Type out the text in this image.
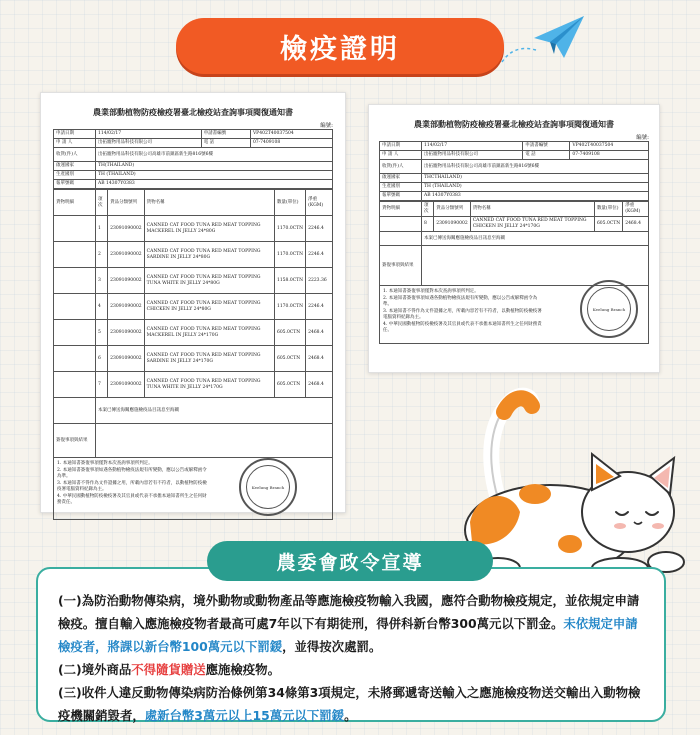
檢疫證明
農業部動植物防疫檢疫署臺北檢疫站查詢事項閱復通知書
編號:
申請日期	114/02/17	申請書編號	VP402T40037504
申 請 人	出拓寵物用品科技有限公司	電 話	07-7409108
收貨(件)人	出拓寵物用品科技有限公司高雄市前鎮區新生路816號6樓		
啟運國家	TH(THAILAND)		
生產國別	TH (THAILAND)		
報單號碼	AB 14307Y0383		
貨物明細	項次	貨品分類號列	貨物名稱	數量(單位)	淨重(KGM)
	1	23091090002	CANNED CAT FOOD TUNA RED MEAT TOPPING MACKEREL IN JELLY 24*80G	1170.0CTN	2246.4
	2	23091090002	CANNED CAT FOOD TUNA RED MEAT TOPPING SARDINE IN JELLY 24*80G	1170.0CTN	2246.4
	3	23091090002	CANNED CAT FOOD TUNA RED MEAT TOPPING TUNA WHITE IN JELLY 24*80G	1158.0CTN	2223.36
	4	23091090002	CANNED CAT FOOD TUNA RED MEAT TOPPING CHICKEN IN JELLY 24*80G	1170.0CTN	2246.4
	5	23091090002	CANNED CAT FOOD TUNA RED MEAT TOPPING MACKEREL IN JELLY 24*170G	605.0CTN	2468.4
	6	23091090002	CANNED CAT FOOD TUNA RED MEAT TOPPING SARDINE IN JELLY 24*170G	605.0CTN	2468.4
	7	23091090002	CANNED CAT FOOD TUNA RED MEAT TOPPING TUNA WHITE IN JELLY 24*170G	605.0CTN	2468.4
	本案已傳送海關應施檢疫品目訊息至海關				
簽復事項與結果					
1. 本通知書簽復事項僅對本次查詢事項所判定。
2. 本通知書簽復事項如遇各動植物檢疫法規有所變動，應以公告或解釋函令為準。
3. 本通知書不得作為文件證據之用，所載內容若有不符者，以動植物防疫檢疫署電腦資料紀錄為主。
4. 中華民國動植物防疫檢疫署及其官員或代表不承擔本通知書所生之任何財務責任。
Keelung Branch
農業部動植物防疫檢疫署臺北檢疫站查詢事項閱復通知書
編號:
申請日期	114/02/17	申請書編號	VP402T40037504
申 請 人	出拓寵物用品科技有限公司	電 話	07-7409108
收貨(件)人	出拓寵物用品科技有限公司高雄市前鎮區新生路816號6樓		
啟運國家	THCTHAILAND)		
生產國別	TH (THAILAND)		
報單號碼	AB 14307Y0383		
貨物明細	項次	貨品分類號列	貨物名稱	數量(單位)	淨重(KGM)
	8	23091090002	CANNED CAT FOOD TUNA RED MEAT TOPPING CHICKEN IN JELLY 24*170G	605.0CTN	2468.4
	本案已傳送海關應施檢疫品目訊息至海關				
簽復事項與結果					
1. 本通知書簽復事項僅對本次查詢事項所判定。
2. 本通知書簽復事項如遇各動植物檢疫法規有所變動，應以公告或解釋函令為準。
3. 本通知書不得作為文件證據之用，所載內容若有不符者，以動植物防疫檢疫署電腦資料紀錄為主。
4. 中華民國動植物防疫檢疫署及其官員或代表不承擔本通知書所生之任何財務責任。
Keelung Branch
(一)為防治動物傳染病，境外動物或動物產品等應施檢疫物輸入我國，應符合動物檢疫規定，並依規定申請檢疫。擅自輸入應施檢疫物者最高可處7年以下有期徒刑，得併科新台幣300萬元以下罰金。未依規定申請檢疫者，將課以新台幣100萬元以下罰鍰，並得按次處罰。
(二)境外商品不得隨貨贈送應施檢疫物。
(三)收件人違反動物傳染病防治條例第34條第3項規定，未將郵遞寄送輸入之應施檢疫物送交輸出入動物檢疫機關銷毀者，處新台幣3萬元以上15萬元以下罰鍰。
農委會政令宣導
